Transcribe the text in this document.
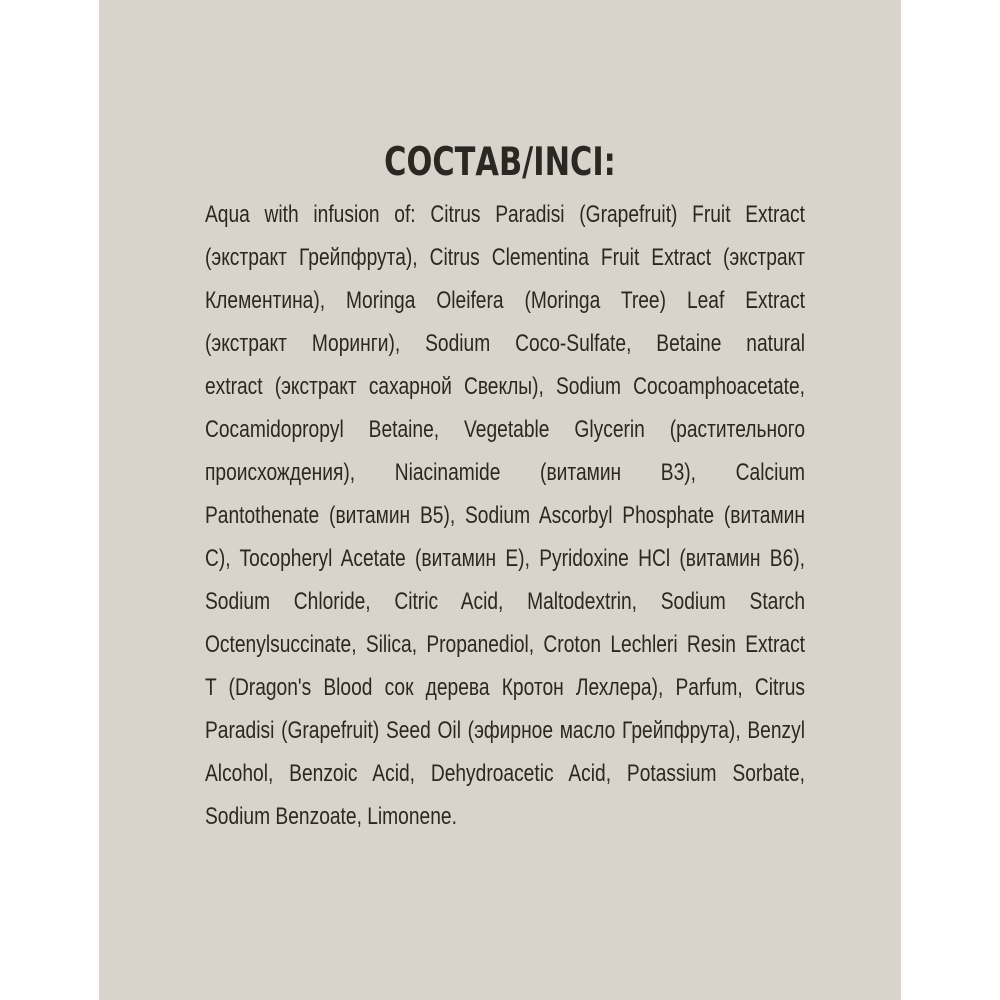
СОСТАВ/INCI:
Aqua with infusion of: Citrus Paradisi (Grapefruit) Fruit Extract
(экстракт Грейпфрута), Citrus Clementina Fruit Extract (экстракт
Клементина), Moringa Oleifera (Moringa Tree) Leaf Extract
(экстракт Моринги), Sodium Coco-Sulfate, Betaine natural
extract (экстракт сахарной Свеклы), Sodium Cocoamphoacetate,
Cocamidopropyl Betaine, Vegetable Glycerin (растительного
происхождения), Niacinamide (витамин B3), Calcium
Pantothenate (витамин B5), Sodium Ascorbyl Phosphate (витамин
C), Tocopheryl Acetate (витамин E), Pyridoxine HCl (витамин B6),
Sodium Chloride, Citric Acid, Maltodextrin, Sodium Starch
Octenylsuccinate, Silica, Propanediol, Croton Lechleri Resin Extract
T (Dragon's Blood сок дерева Кротон Лехлера), Parfum, Citrus
Paradisi (Grapefruit) Seed Oil (эфирное масло Грейпфрута), Benzyl
Alcohol, Benzoic Acid, Dehydroacetic Acid, Potassium Sorbate,
Sodium Benzoate, Limonene.
